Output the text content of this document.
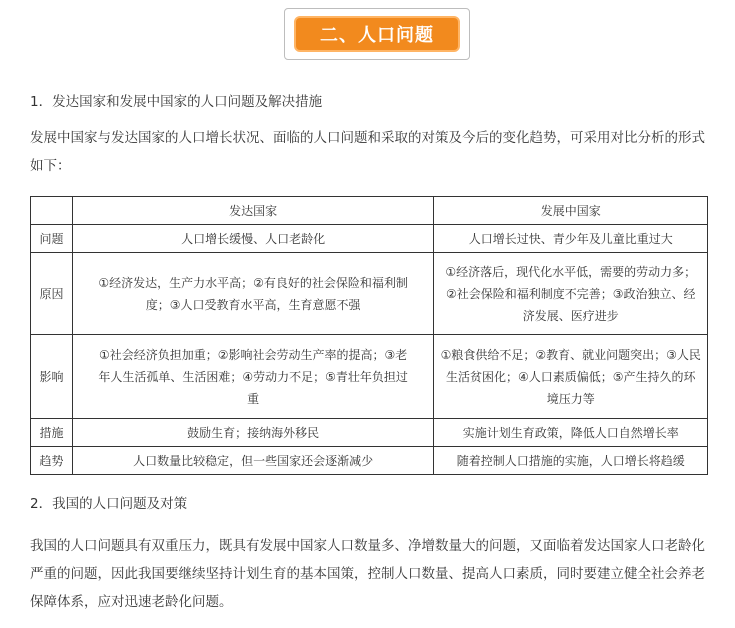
二、人口问题
1．发达国家和发展中国家的人口问题及解决措施
发展中国家与发达国家的人口增长状况、面临的人口问题和采取的对策及今后的变化趋势，可采用对比分析的形式如下：
	发达国家	发展中国家
问题	人口增长缓慢、人口老龄化	人口增长过快、青少年及儿童比重过大
原因	①经济发达，生产力水平高；②有良好的社会保险和福利制度；③人口受教育水平高，生育意愿不强	①经济落后，现代化水平低，需要的劳动力多；②社会保险和福利制度不完善；③政治独立、经济发展、医疗进步
影响	①社会经济负担加重；②影响社会劳动生产率的提高；③老年人生活孤单、生活困难；④劳动力不足；⑤青壮年负担过重	①粮食供给不足；②教育、就业问题突出；③人民生活贫困化；④人口素质偏低；⑤产生持久的环境压力等
措施	鼓励生育；接纳海外移民	实施计划生育政策，降低人口自然增长率
趋势	人口数量比较稳定，但一些国家还会逐渐减少	随着控制人口措施的实施，人口增长将趋缓
2．我国的人口问题及对策
我国的人口问题具有双重压力，既具有发展中国家人口数量多、净增数量大的问题，又面临着发达国家人口老龄化严重的问题，因此我国要继续坚持计划生育的基本国策，控制人口数量、提高人口素质，同时要建立健全社会养老保障体系，应对迅速老龄化问题。
